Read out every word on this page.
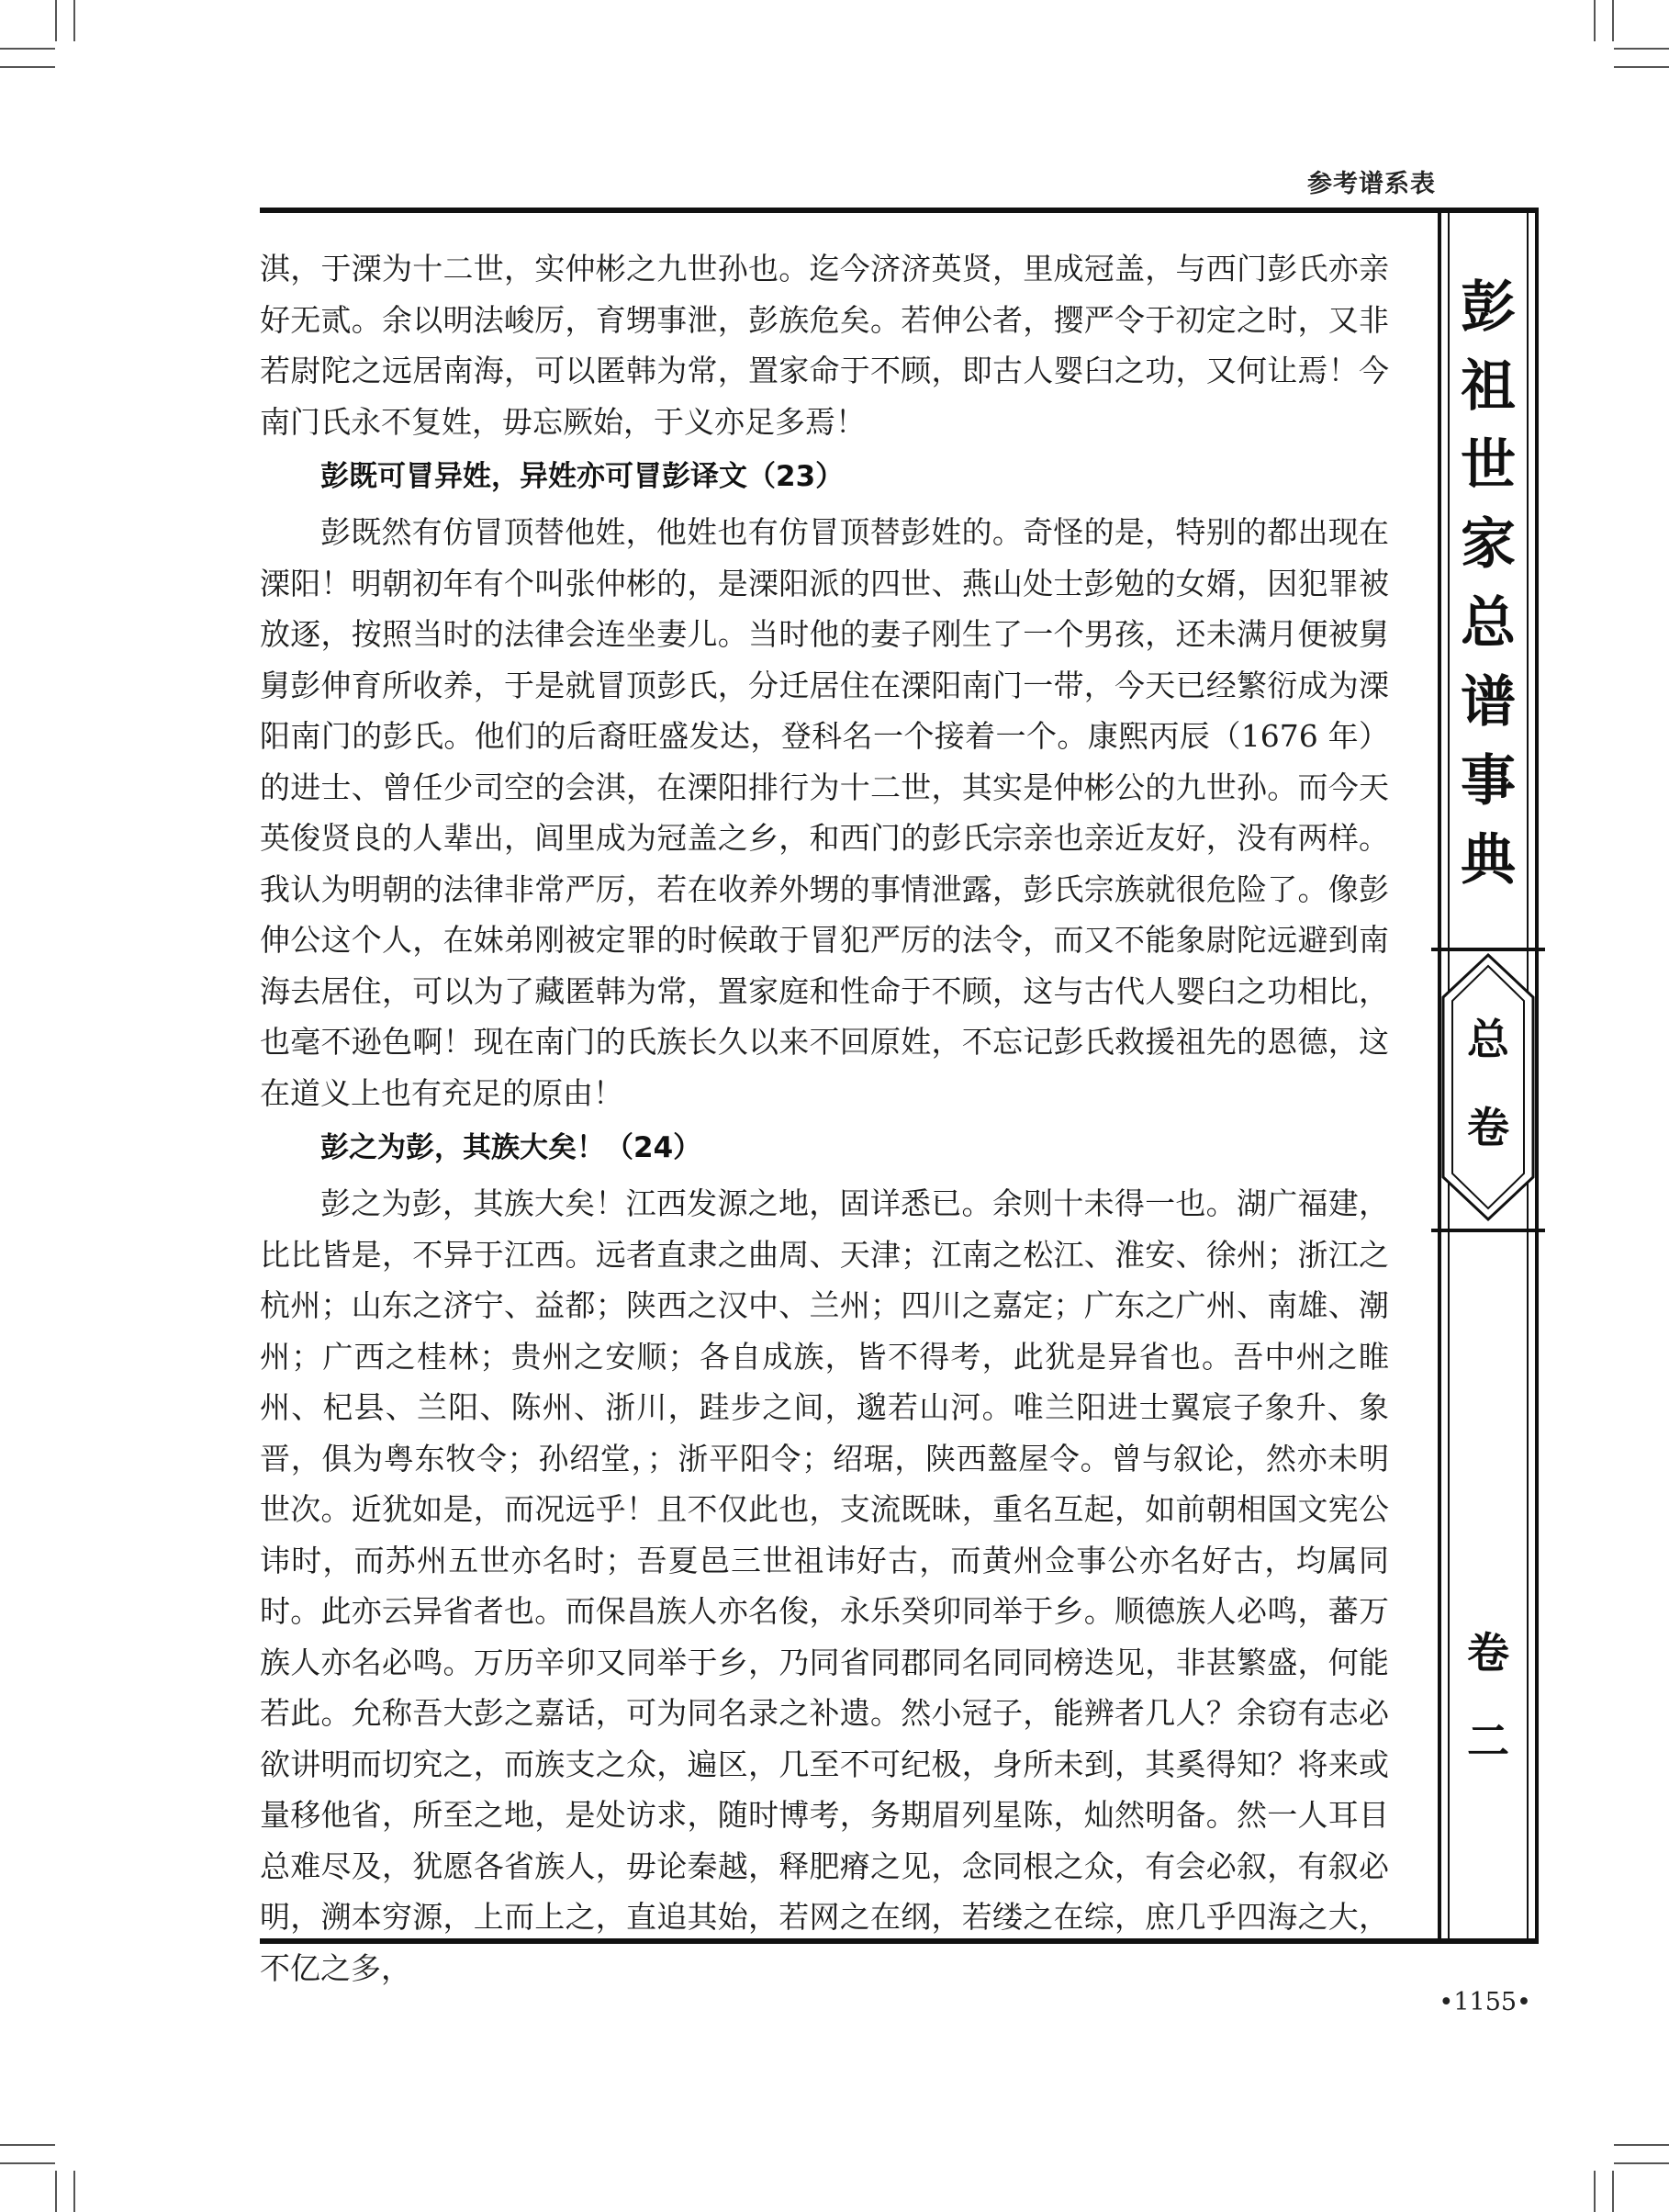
参考谱系表

淇，于溧为十二世，实仲彬之九世孙也。迄今济济英贤，里成冠盖，与西门彭氏亦亲好无贰。余以明法峻厉，育甥事泄，彭族危矣。若伸公者，撄严令于初定之时，又非若尉陀之远居南海，可以匿韩为常，置家命于不顾，即古人婴臼之功，又何让焉！今南门氏永不复姓，毋忘厥始，于义亦足多焉！

彭既可冒异姓，异姓亦可冒彭译文（23）

彭既然有仿冒顶替他姓，他姓也有仿冒顶替彭姓的。奇怪的是，特别的都出现在溧阳！明朝初年有个叫张仲彬的，是溧阳派的四世、燕山处士彭勉的女婿，因犯罪被放逐，按照当时的法律会连坐妻儿。当时他的妻子刚生了一个男孩，还未满月便被舅舅彭伸育所收养，于是就冒顶彭氏，分迁居住在溧阳南门一带，今天已经繁衍成为溧阳南门的彭氏。他们的后裔旺盛发达，登科名一个接着一个。康熙丙辰（1676 年）的进士、曾任少司空的会淇，在溧阳排行为十二世，其实是仲彬公的九世孙。而今天英俊贤良的人辈出，闾里成为冠盖之乡，和西门的彭氏宗亲也亲近友好，没有两样。我认为明朝的法律非常严厉，若在收养外甥的事情泄露，彭氏宗族就很危险了。像彭伸公这个人，在妹弟刚被定罪的时候敢于冒犯严厉的法令，而又不能象尉陀远避到南海去居住，可以为了藏匿韩为常，置家庭和性命于不顾，这与古代人婴臼之功相比，也毫不逊色啊！现在南门的氏族长久以来不回原姓，不忘记彭氏救援祖先的恩德，这在道义上也有充足的原由！

彭之为彭，其族大矣！（24）

彭之为彭，其族大矣！江西发源之地，固详悉已。余则十未得一也。湖广福建，比比皆是，不异于江西。远者直隶之曲周、天津；江南之松江、淮安、徐州；浙江之杭州；山东之济宁、益都；陕西之汉中、兰州；四川之嘉定；广东之广州、南雄、潮州；广西之桂林；贵州之安顺；各自成族，皆不得考，此犹是异省也。吾中州之睢州、杞县、兰阳、陈州、浙川，跬步之间，邈若山河。唯兰阳进士翼宸子象升、象晋，俱为粤东牧令；孙绍堂，；浙平阳令；绍琚，陕西盩屋令。曾与叙论，然亦未明世次。近犹如是，而况远乎！且不仅此也，支流既昧，重名互起，如前朝相国文宪公讳时，而苏州五世亦名时；吾夏邑三世祖讳好古，而黄州佥事公亦名好古，均属同时。此亦云异省者也。而保昌族人亦名俊，永乐癸卯同举于乡。顺德族人必鸣，蕃万族人亦名必鸣。万历辛卯又同举于乡，乃同省同郡同名同同榜迭见，非甚繁盛，何能若此。允称吾大彭之嘉话，可为同名录之补遗。然小冠子，能辨者几人？余窃有志必欲讲明而切究之，而族支之众，遍区，几至不可纪极，身所未到，其奚得知？将来或量移他省，所至之地，是处访求，随时博考，务期眉列星陈，灿然明备。然一人耳目总难尽及，犹愿各省族人，毋论秦越，释肥瘠之见，念同根之众，有会必叙，有叙必明，溯本穷源，上而上之，直追其始，若网之在纲，若缕之在综，庶几乎四海之大，不亿之多，

彭
祖
世
家
总
谱
事
典
总
卷
卷
二
•1155•
